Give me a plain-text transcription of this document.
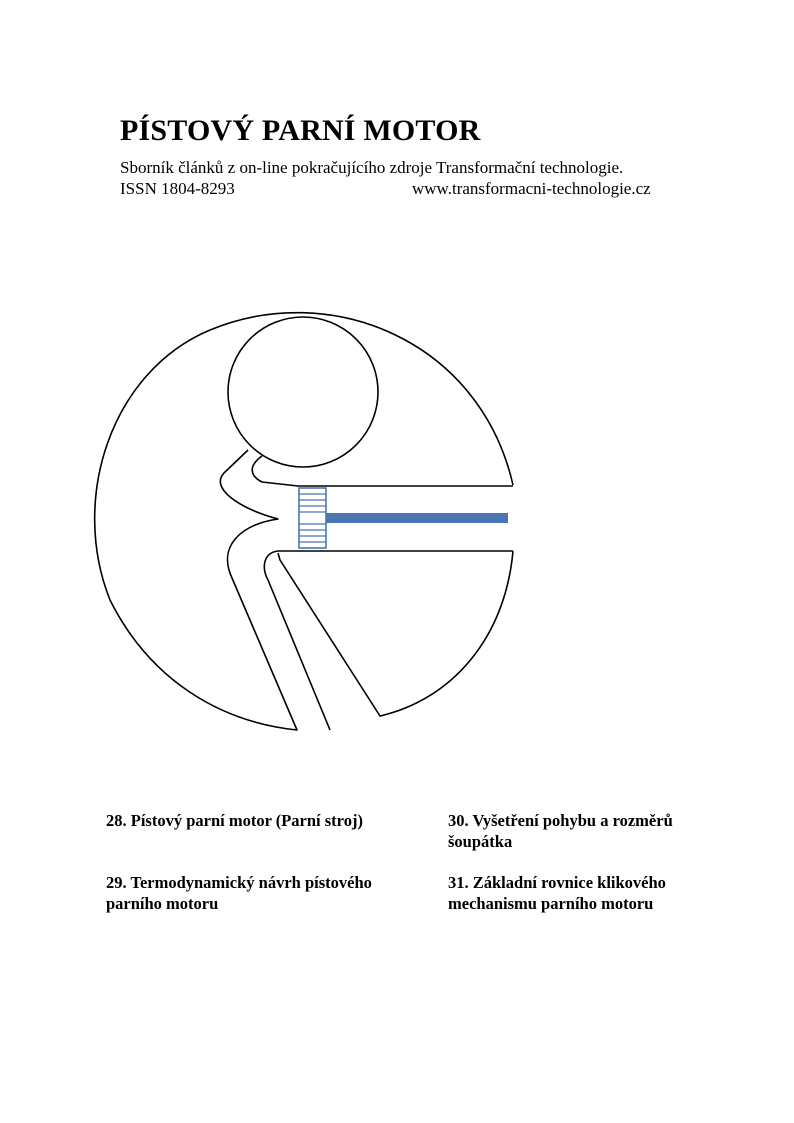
PÍSTOVÝ PARNÍ MOTOR
Sborník článků z on-line pokračujícího zdroje Transformační technologie.
ISSN 1804-8293	www.transformacni-technologie.cz
28. Pístový parní motor (Parní stroj)
29. Termodynamický návrh pístového parního motoru
30. Vyšetření pohybu a rozměrů šoupátka
31. Základní rovnice klikového mechanismu parního motoru
